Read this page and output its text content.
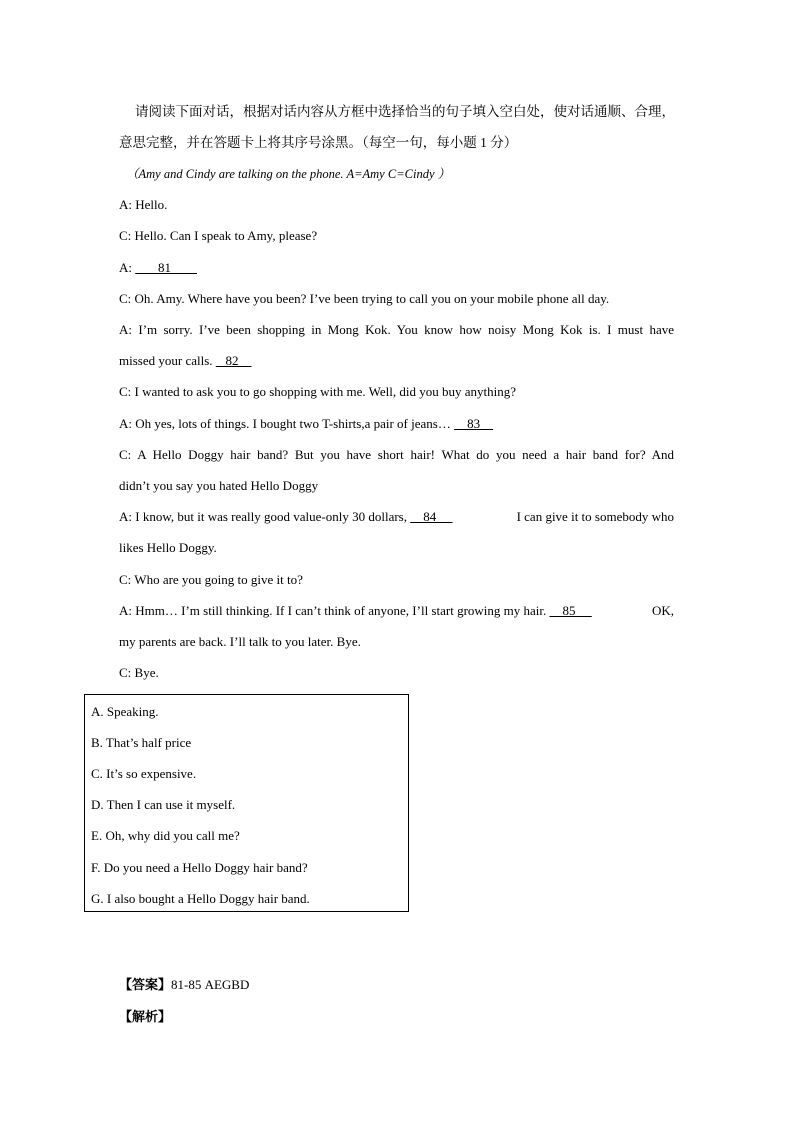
请阅读下面对话，根据对话内容从方框中选择恰当的句子填入空白处，使对话通顺、合理，
意思完整，并在答题卡上将其序号涂黑。（每空一句，每小题 1 分）
（Amy and Cindy are talking on the phone. A=Amy C=Cindy ）
A: Hello.
C: Hello. Can I speak to Amy, please?
A:        81
C: Oh. Amy. Where have you been? I’ve been trying to call you on your mobile phone all day.
A: I’m sorry. I’ve been shopping in Mong Kok. You know how noisy Mong Kok is. I must have
missed your calls.    82
C: I wanted to ask you to go shopping with me. Well, did you buy anything?
A: Oh yes, lots of things. I bought two T-shirts,a pair of jeans…     83
C: A Hello Doggy hair band? But you have short hair! What do you need a hair band for? And
didn’t you say you hated Hello Doggy
A: I know, but it was really good value-only 30 dollars,     84	I can give it to somebody who
likes Hello Doggy.
C: Who are you going to give it to?
A: Hmm… I’m still thinking. If I can’t think of anyone, I’ll start growing my hair.     85	OK,
my parents are back. I’ll talk to you later. Bye.
C: Bye.
A. Speaking.
B. That’s half price
C. It’s so expensive.
D. Then I can use it myself.
E. Oh, why did you call me?
F. Do you need a Hello Doggy hair band?
G. I also bought a Hello Doggy hair band.
【答案】81-85 AEGBD
【解析】
